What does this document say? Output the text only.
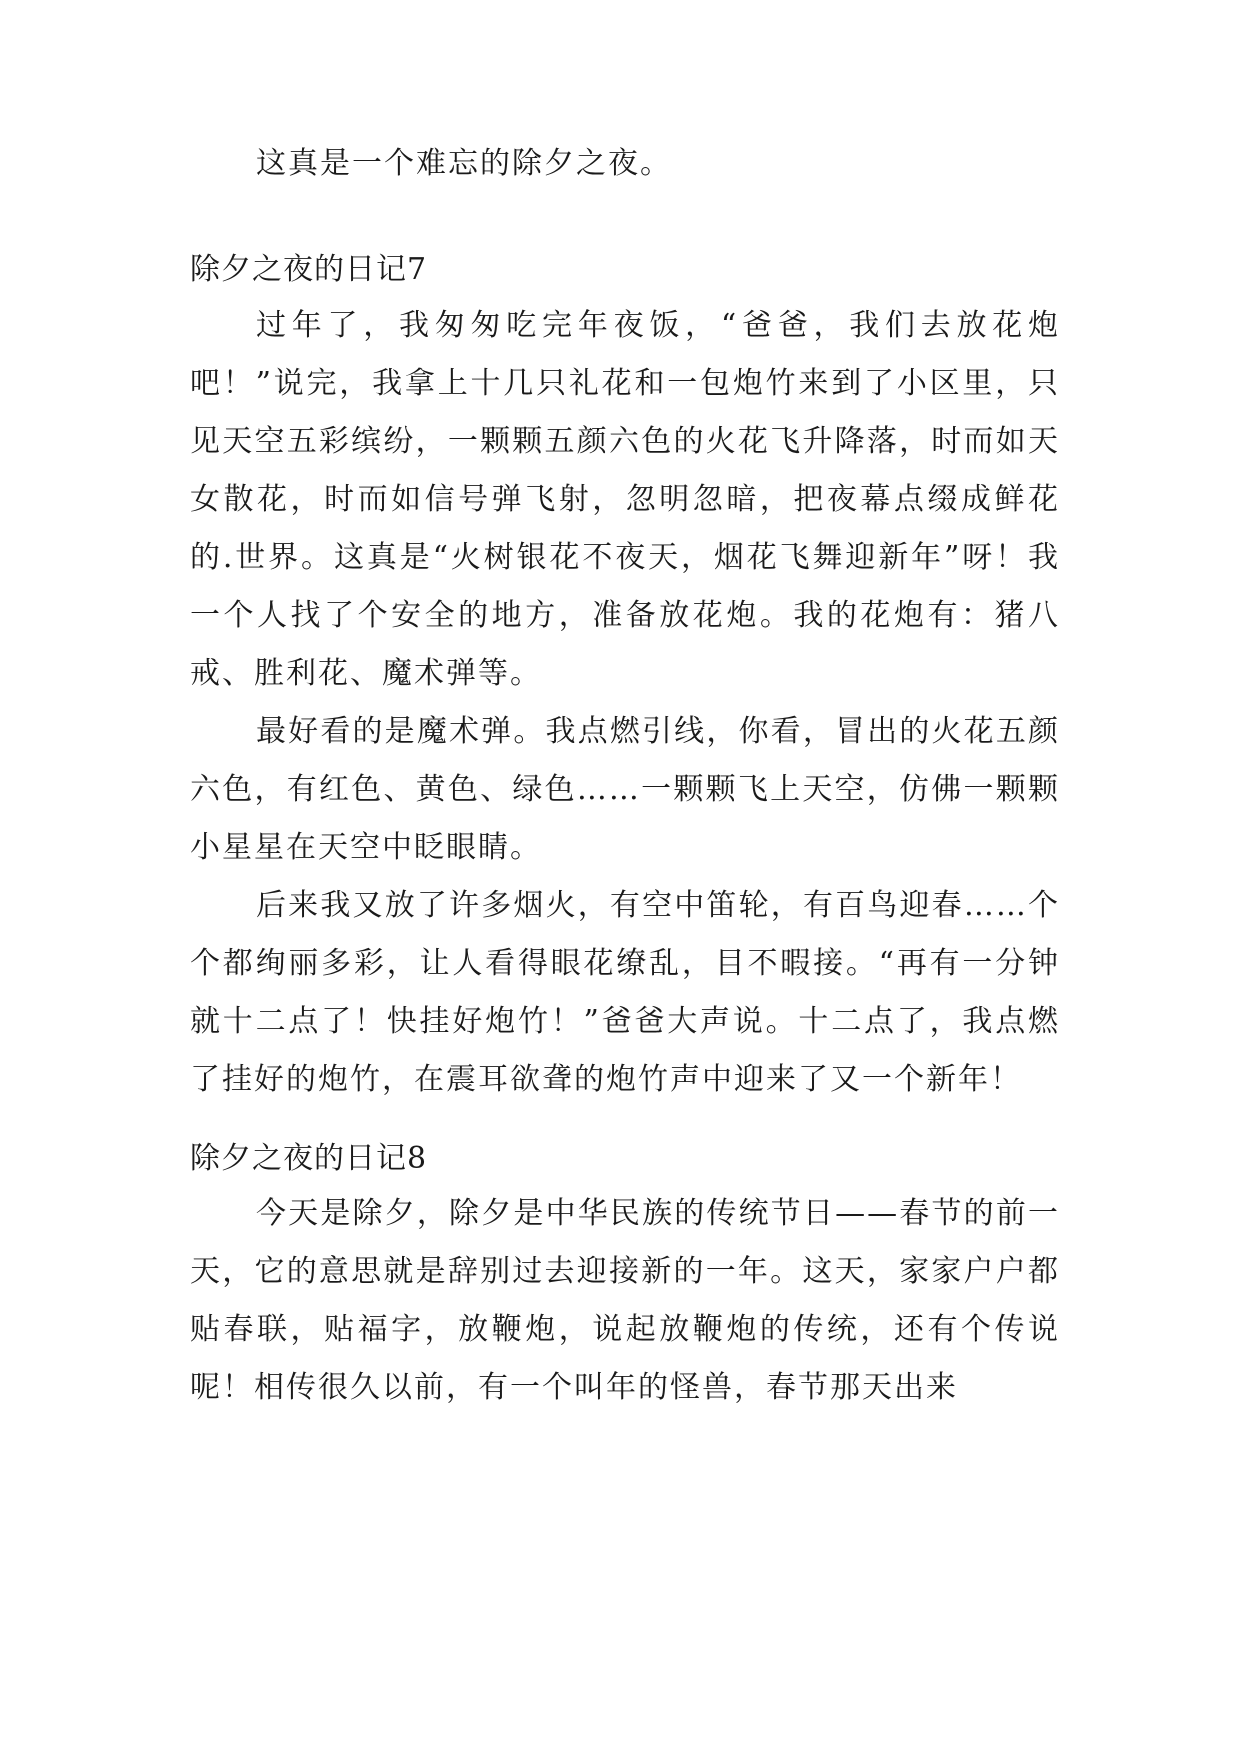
这真是一个难忘的除夕之夜。

除夕之夜的日记7

过年了，我匆匆吃完年夜饭，“爸爸，我们去放花炮吧！”说完，我拿上十几只礼花和一包炮竹来到了小区里，只见天空五彩缤纷，一颗颗五颜六色的火花飞升降落，时而如天女散花，时而如信号弹飞射，忽明忽暗，把夜幕点缀成鲜花的.世界。这真是“火树银花不夜天，烟花飞舞迎新年”呀！我一个人找了个安全的地方，准备放花炮。我的花炮有：猪八戒、胜利花、魔术弹等。

最好看的是魔术弹。我点燃引线，你看，冒出的火花五颜六色，有红色、黄色、绿色……一颗颗飞上天空，仿佛一颗颗小星星在天空中眨眼睛。

后来我又放了许多烟火，有空中笛轮，有百鸟迎春……个个都绚丽多彩，让人看得眼花缭乱，目不暇接。“再有一分钟就十二点了！快挂好炮竹！”爸爸大声说。十二点了，我点燃了挂好的炮竹，在震耳欲聋的炮竹声中迎来了又一个新年！

除夕之夜的日记8

今天是除夕，除夕是中华民族的传统节日——春节的前一天，它的意思就是辞别过去迎接新的一年。这天，家家户户都贴春联，贴福字，放鞭炮，说起放鞭炮的传统，还有个传说呢！相传很久以前，有一个叫年的怪兽，春节那天出来
